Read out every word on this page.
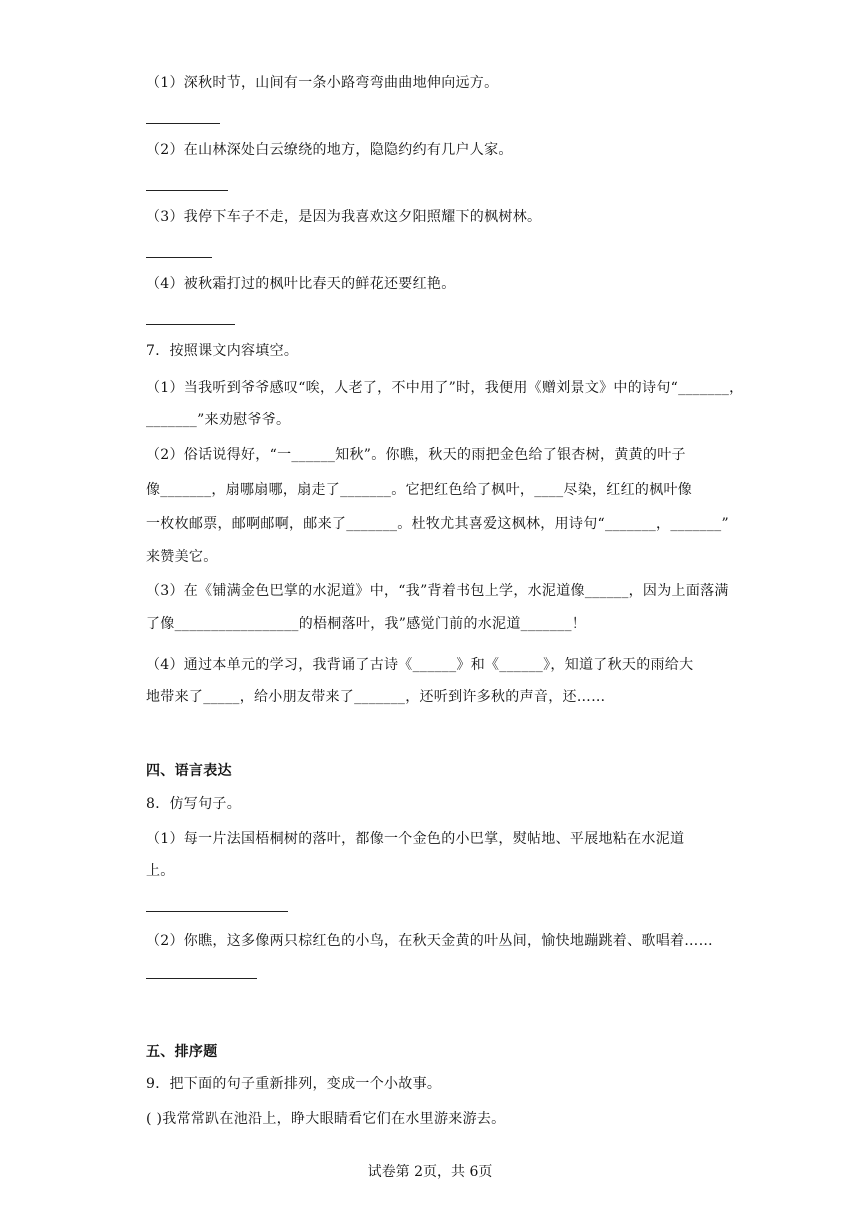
（1）深秋时节，山间有一条小路弯弯曲曲地伸向远方。
（2）在山林深处白云缭绕的地方，隐隐约约有几户人家。
（3）我停下车子不走，是因为我喜欢这夕阳照耀下的枫树林。
（4）被秋霜打过的枫叶比春天的鲜花还要红艳。
7．按照课文内容填空。
（1）当我听到爷爷感叹“唉，人老了，不中用了”时，我便用《赠刘景文》中的诗句“_______，
_______”来劝慰爷爷。
（2）俗话说得好，“一______知秋”。你瞧，秋天的雨把金色给了银杏树，黄黄的叶子
像_______，扇哪扇哪，扇走了_______。它把红色给了枫叶，____尽染，红红的枫叶像
一枚枚邮票，邮啊邮啊，邮来了_______。杜牧尤其喜爱这枫林，用诗句“_______，_______”
来赞美它。
（3）在《铺满金色巴掌的水泥道》中，“我”背着书包上学，水泥道像______，因为上面落满
了像_________________的梧桐落叶，我”感觉门前的水泥道_______！
（4）通过本单元的学习，我背诵了古诗《______》和《______》，知道了秋天的雨给大
地带来了_____，给小朋友带来了_______，还听到许多秋的声音，还……
四、语言表达
8．仿写句子。
（1）每一片法国梧桐树的落叶，都像一个金色的小巴掌，熨帖地、平展地粘在水泥道
上。
（2）你瞧，这多像两只棕红色的小鸟，在秋天金黄的叶丛间，愉快地蹦跳着、歌唱着……
五、排序题
9．把下面的句子重新排列，变成一个小故事。
( )我常常趴在池沿上，睁大眼睛看它们在水里游来游去。
试卷第 2页，共 6页
